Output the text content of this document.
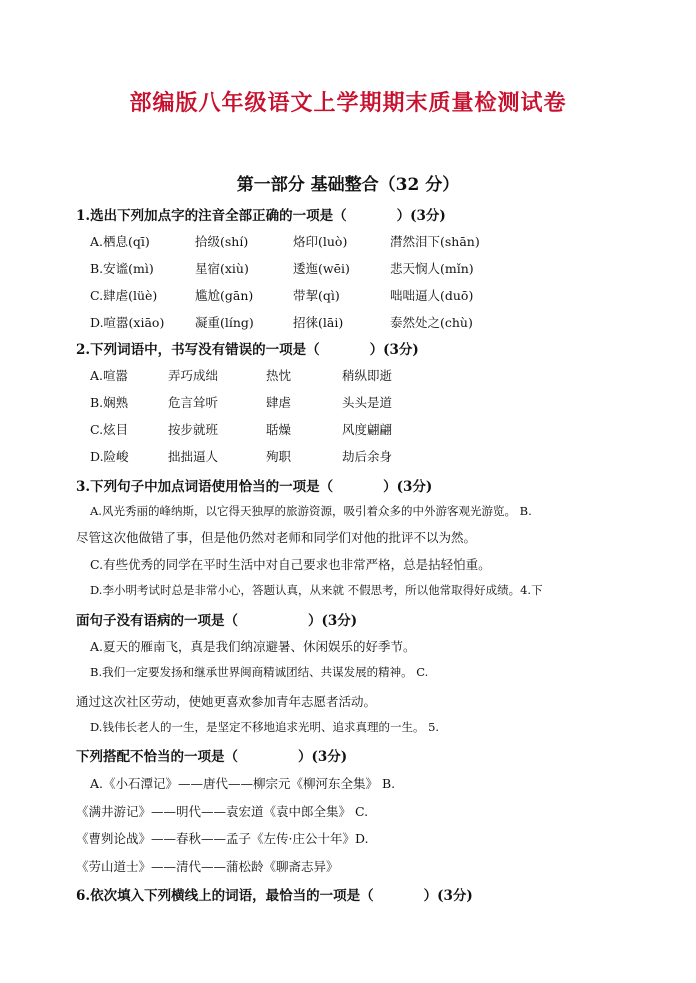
部编版八年级语文上学期期末质量检测试卷
第一部分 基础整合（32 分）
1.选出下列加点字的注音全部正确的一项是（	）(3分)
A.栖息(qī)	拾级(shí)	烙印(luò)	潸然泪下(shān)
B.安谧(mì)	星宿(xiù)	逶迤(wēi)	悲天悯人(mǐn)
C.肆虐(lüè)	尴尬(gān)	带挈(qì)	咄咄逼人(duō)
D.喧嚣(xiāo) 凝重(líng)	招徕(lāi)	泰然处之(chù)
2.下列词语中，书写没有错误的一项是（	）(3分)
A.喧嚣	弄巧成绌	热忱	稍纵即逝
B.娴熟	危言耸听	肆虐	头头是道
C.炫目	按步就班	聒燥	风度翩翩
D.险峻	拙拙逼人	殉职	劫后余身
3.下列句子中加点词语使用恰当的一项是（	）(3分)
A.风光秀丽的峰纳斯，以它得天独厚的旅游资源，吸引着众多的中外游客观光游览。 B.
尽管这次他做错了事，但是他仍然对老师和同学们对他的批评不以为然。
C.有些优秀的同学在平时生活中对自己要求也非常严格，总是拈轻怕重。
D.李小明考试时总是非常小心，答题认真，从来就 不假思考，所以他常取得好成绩。4.下
面句子没有语病的一项是（	）(3分)
A.夏天的雁南飞，真是我们纳凉避暑、休闲娱乐的好季节。
B.我们一定要发扬和继承世界闽商精诚团结、共谋发展的精神。 C.
通过这次社区劳动，使她更喜欢参加青年志愿者活动。
D.钱伟长老人的一生，是坚定不移地追求光明、追求真理的一生。 5.
下列搭配不恰当的一项是（	）(3分)
A.《小石潭记》——唐代——柳宗元《柳河东全集》 B.
《满井游记》——明代——袁宏道《袁中郎全集》 C.
《曹刿论战》——春秋——孟子《左传·庄公十年》D.
《劳山道士》——清代——蒲松龄《聊斋志异》
6.依次填入下列横线上的词语，最恰当的一项是（	）(3分)
